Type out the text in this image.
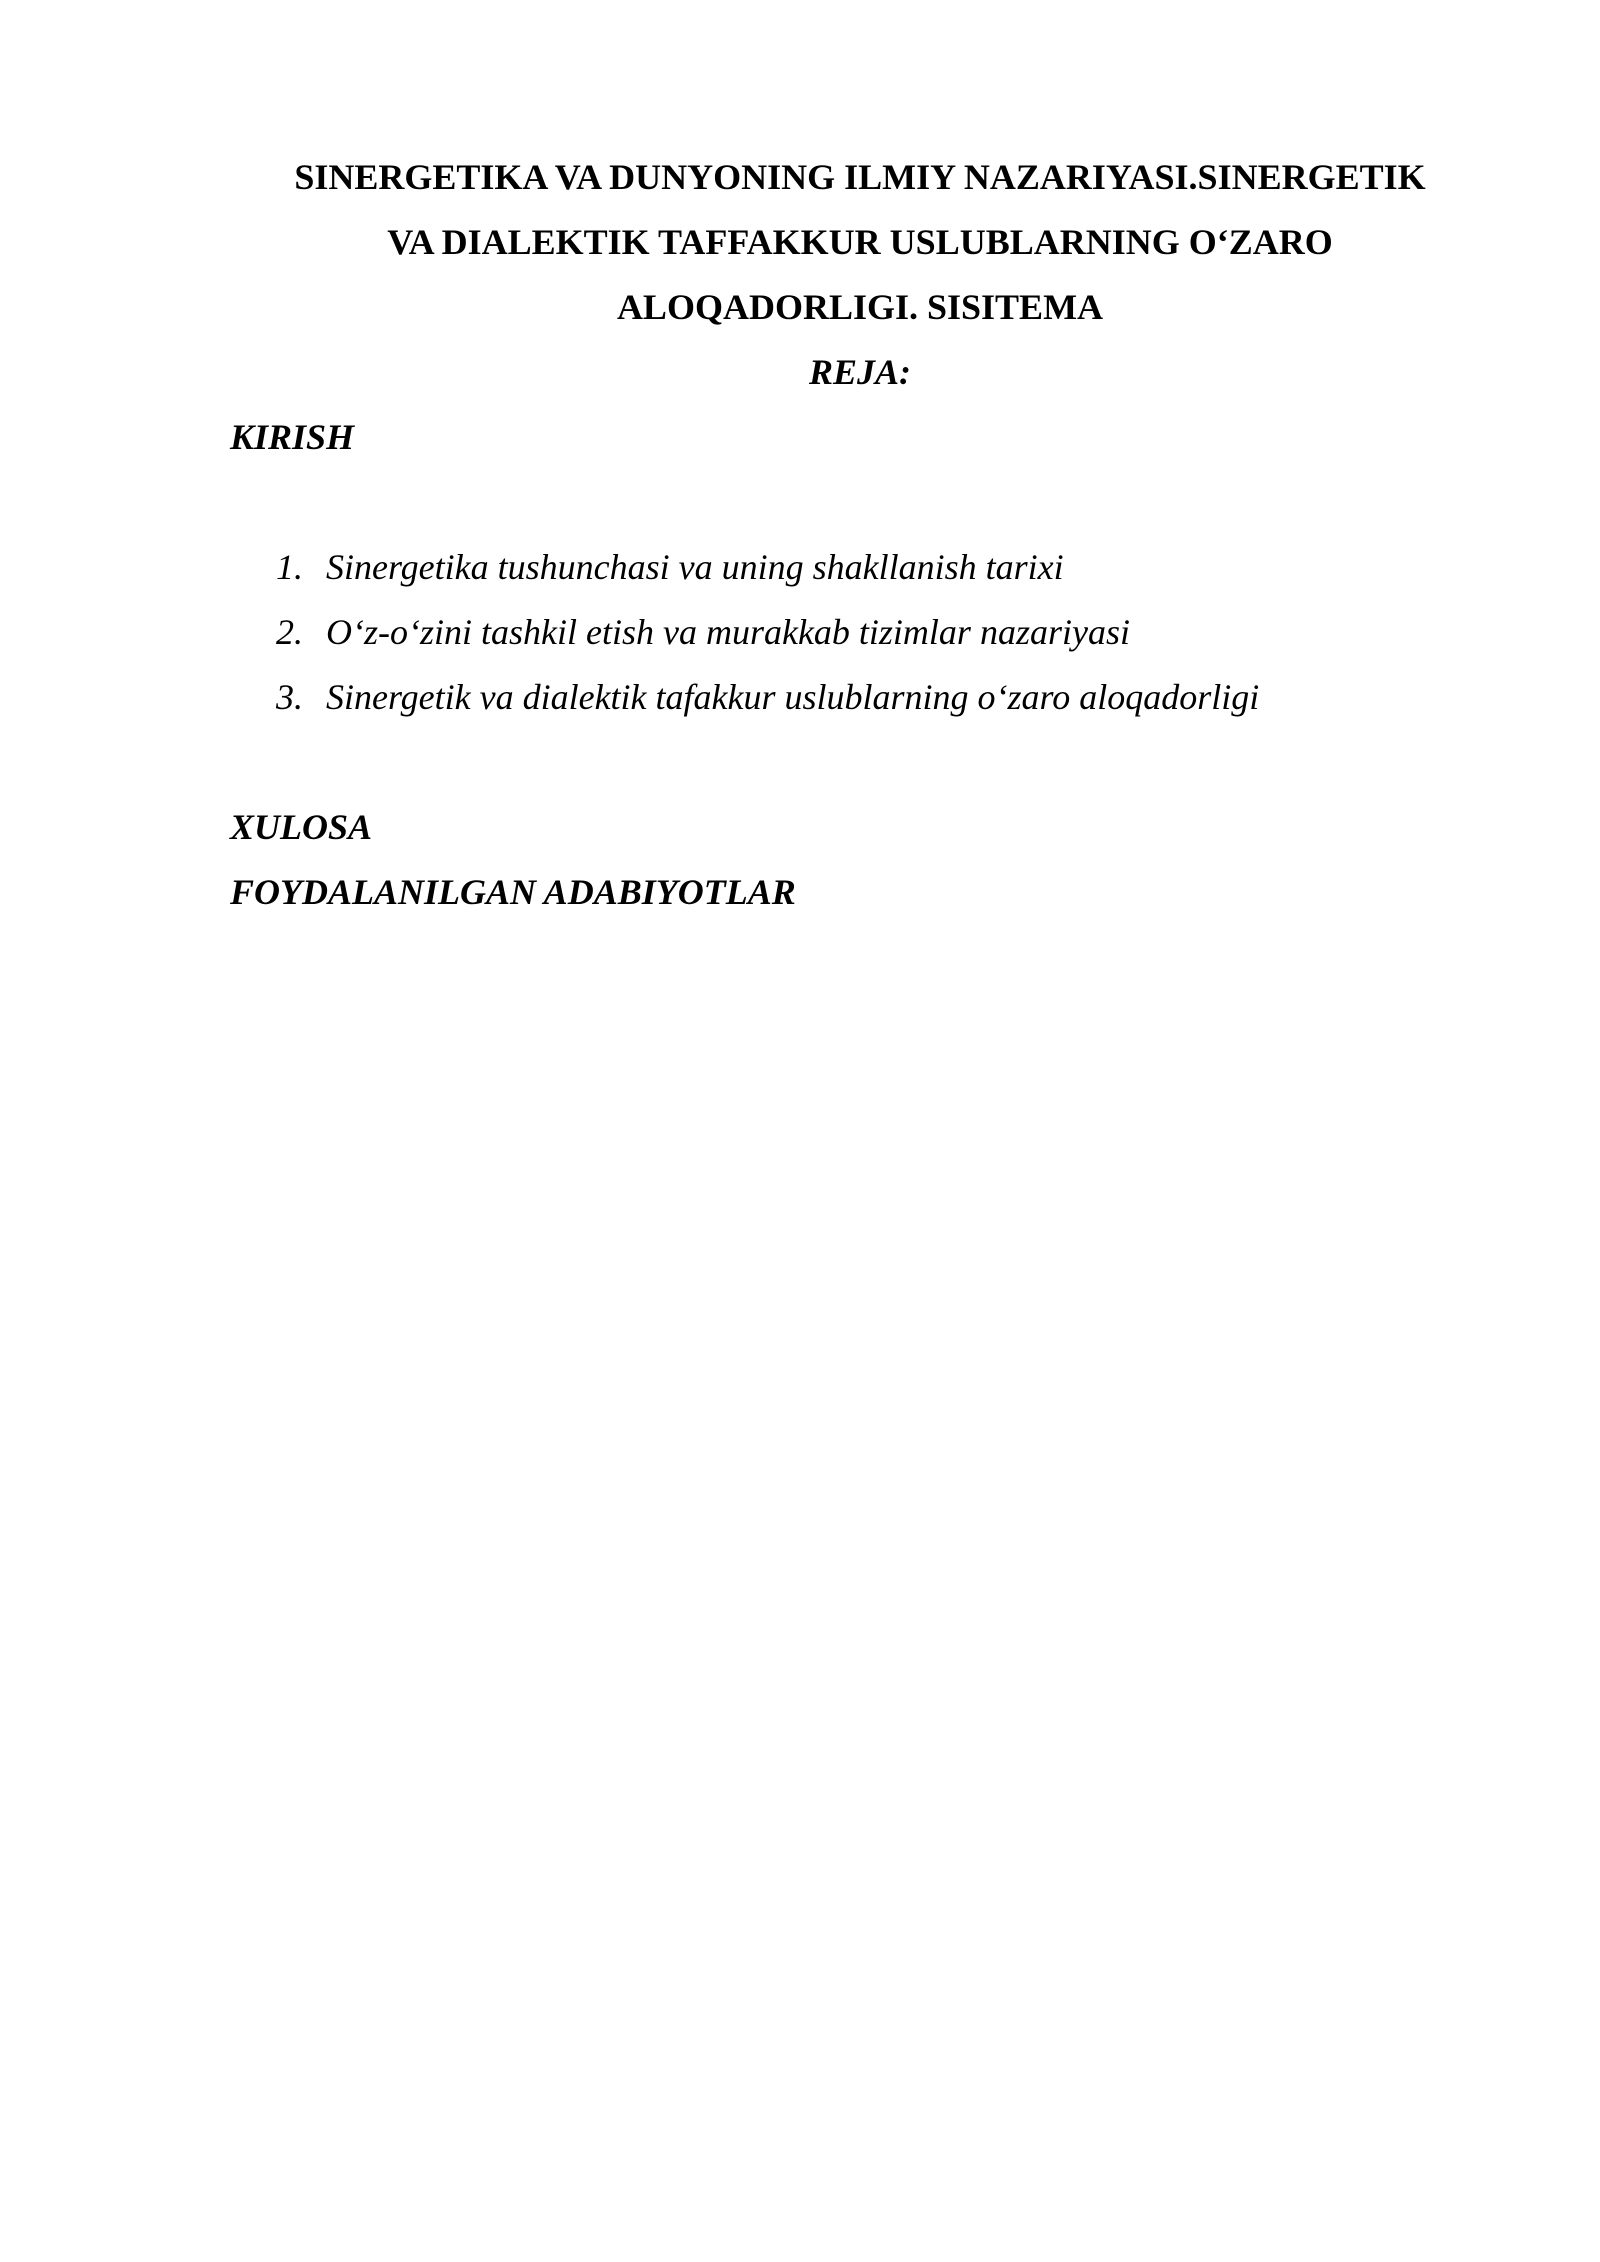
SINERGETIKA VA DUNYONING ILMIY NAZARIYASI.SINERGETIK
VA DIALEKTIK TAFFAKKUR USLUBLARNING O‘ZARO
ALOQADORLIGI. SISITEMA

REJA:

KIRISH

1. Sinergetika tushunchasi va uning shakllanish tarixi
2. O‘z-o‘zini tashkil etish va murakkab tizimlar nazariyasi
3. Sinergetik va dialektik tafakkur uslublarning o‘zaro aloqadorligi

XULOSA

FOYDALANILGAN ADABIYOTLAR
